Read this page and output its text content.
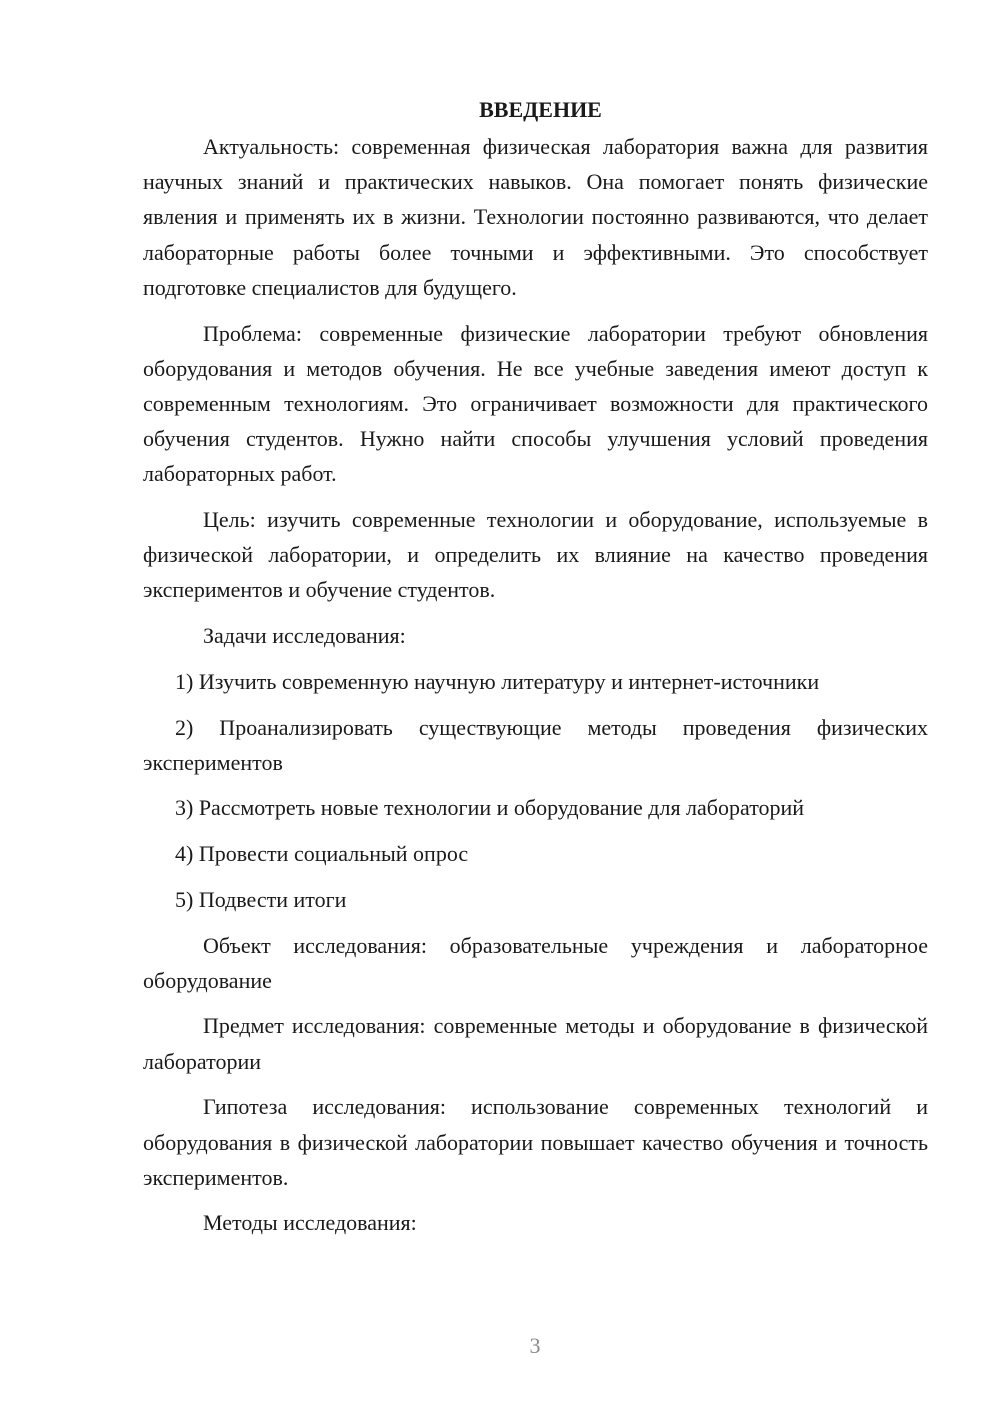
ВВЕДЕНИЕ

Актуальность: современная физическая лаборатория важна для развития научных знаний и практических навыков. Она помогает понять физические явления и применять их в жизни. Технологии постоянно развиваются, что делает лабораторные работы более точными и эффективными. Это способствует подготовке специалистов для будущего.

Проблема: современные физические лаборатории требуют обновления оборудования и методов обучения. Не все учебные заведения имеют доступ к современным технологиям. Это ограничивает возможности для практического обучения студентов. Нужно найти способы улучшения условий проведения лабораторных работ.

Цель: изучить современные технологии и оборудование, используемые в физической лаборатории, и определить их влияние на качество проведения экспериментов и обучение студентов.

Задачи исследования:

1) Изучить современную научную литературу и интернет-источники

2) Проанализировать существующие методы проведения физических экспериментов

3) Рассмотреть новые технологии и оборудование для лабораторий

4) Провести социальный опрос

5) Подвести итоги

Объект исследования: образовательные учреждения и лабораторное оборудование

Предмет исследования: современные методы и оборудование в физической лаборатории

Гипотеза исследования: использование современных технологий и оборудования в физической лаборатории повышает качество обучения и точность экспериментов.

Методы исследования:

3
